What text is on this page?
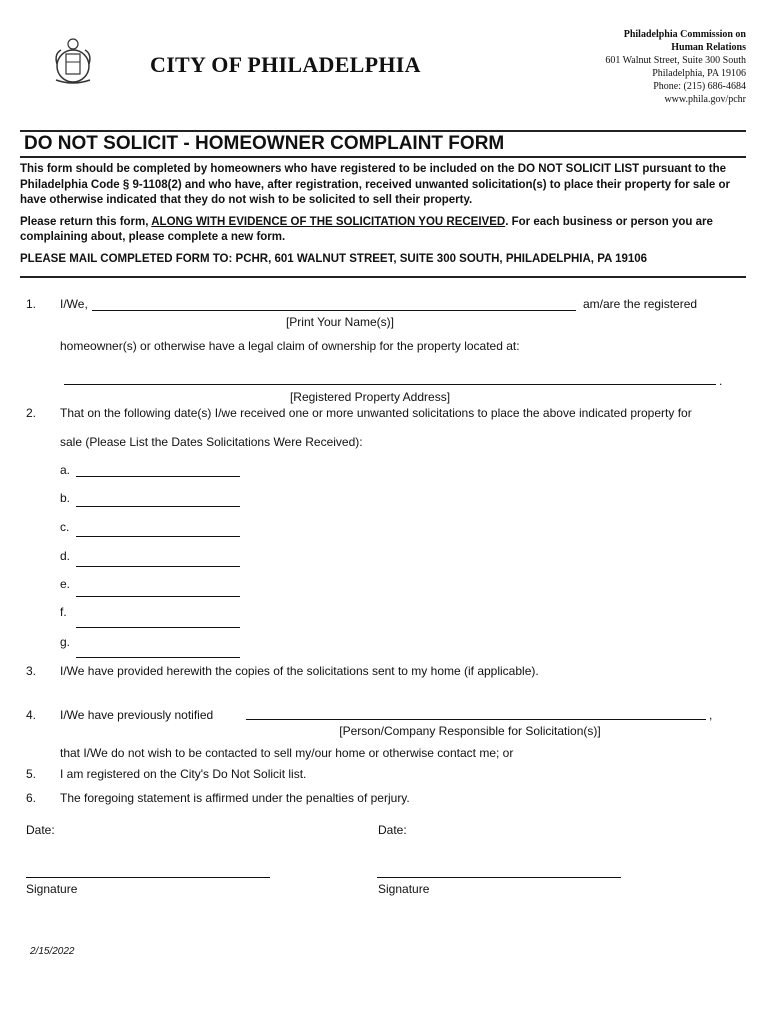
CITY OF PHILADELPHIA
Philadelphia Commission on
Human Relations
601 Walnut Street, Suite 300 South
Philadelphia, PA 19106
Phone: (215) 686-4684
www.phila.gov/pchr
DO NOT SOLICIT - HOMEOWNER COMPLAINT FORM
This form should be completed by homeowners who have registered to be included on the DO NOT SOLICIT LIST pursuant to the Philadelphia Code § 9-1108(2) and who have, after registration, received unwanted solicitation(s) to place their property for sale or have otherwise indicated that they do not wish to be solicited to sell their property.
Please return this form, ALONG WITH EVIDENCE OF THE SOLICITATION YOU RECEIVED. For each business or person you are complaining about, please complete a new form.
PLEASE MAIL COMPLETED FORM TO: PCHR, 601 WALNUT STREET, SUITE 300 SOUTH, PHILADELPHIA, PA 19106
1. I/We,	am/are the registered
[Print Your Name(s)]
homeowner(s) or otherwise have a legal claim of ownership for the property located at:
.
[Registered Property Address]
2. That on the following date(s) I/we received one or more unwanted solicitations to place the above indicated property for
sale (Please List the Dates Solicitations Were Received):
a.
b.
c.
d.
e.
f.
g.
3. I/We have provided herewith the copies of the solicitations sent to my home (if applicable).
4. I/We have previously notified	,
[Person/Company Responsible for Solicitation(s)]
that I/We do not wish to be contacted to sell my/our home or otherwise contact me; or
5. I am registered on the City's Do Not Solicit list.
6. The foregoing statement is affirmed under the penalties of perjury.
Date:	Date:
Signature	Signature
2/15/2022
